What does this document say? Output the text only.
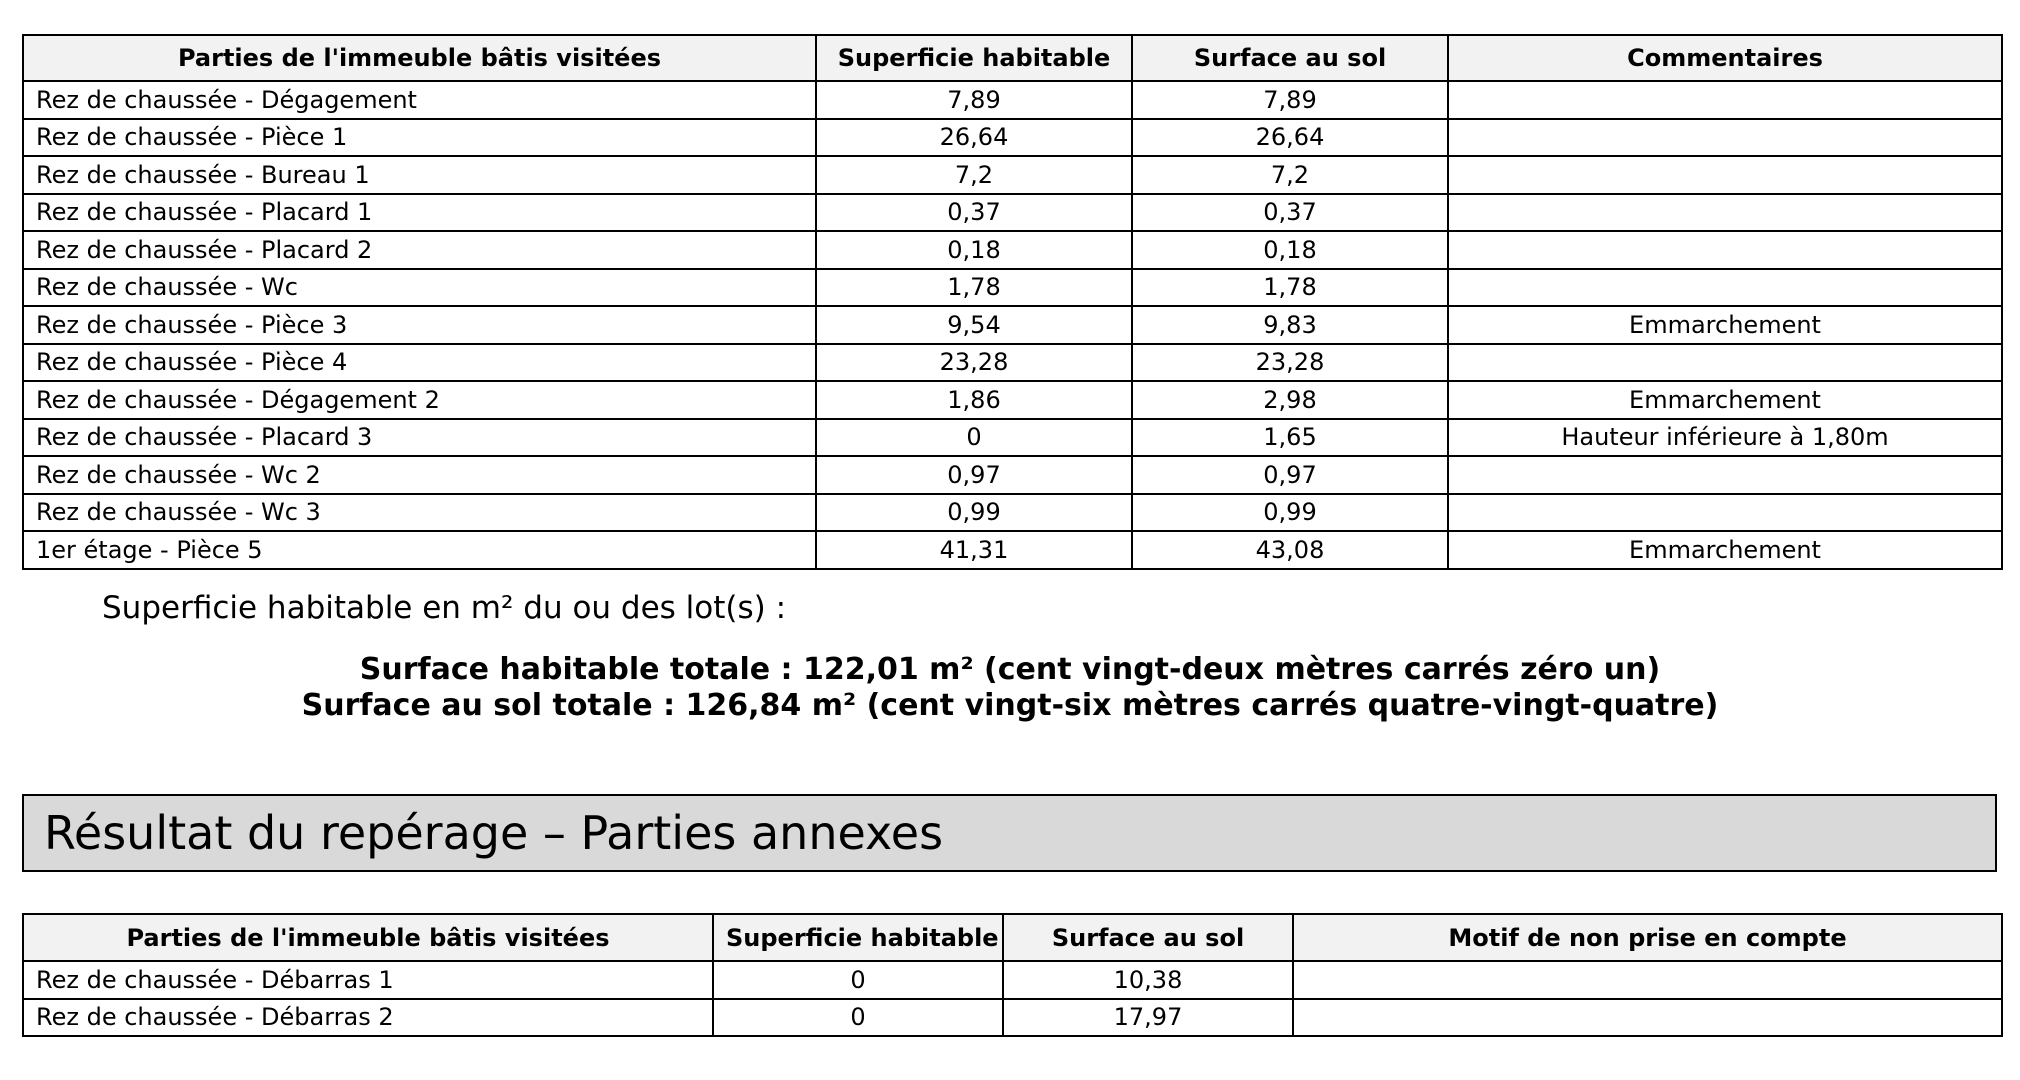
Parties de l'immeuble bâtis visitées	Superficie habitable	Surface au sol	Commentaires
Rez de chaussée - Dégagement	7,89	7,89	
Rez de chaussée - Pièce 1	26,64	26,64	
Rez de chaussée - Bureau 1	7,2	7,2	
Rez de chaussée - Placard 1	0,37	0,37	
Rez de chaussée - Placard 2	0,18	0,18	
Rez de chaussée - Wc	1,78	1,78	
Rez de chaussée - Pièce 3	9,54	9,83	Emmarchement
Rez de chaussée - Pièce 4	23,28	23,28	
Rez de chaussée - Dégagement 2	1,86	2,98	Emmarchement
Rez de chaussée - Placard 3	0	1,65	Hauteur inférieure à 1,80m
Rez de chaussée - Wc 2	0,97	0,97	
Rez de chaussée - Wc 3	0,99	0,99	
1er étage - Pièce 5	41,31	43,08	Emmarchement
Superficie habitable en m² du ou des lot(s) :
Surface habitable totale : 122,01 m² (cent vingt-deux mètres carrés zéro un)
Surface au sol totale : 126,84 m² (cent vingt-six mètres carrés quatre-vingt-quatre)
Résultat du repérage – Parties annexes
Parties de l'immeuble bâtis visitées	Superficie habitable	Surface au sol	Motif de non prise en compte
Rez de chaussée - Débarras 1	0	10,38	
Rez de chaussée - Débarras 2	0	17,97	
